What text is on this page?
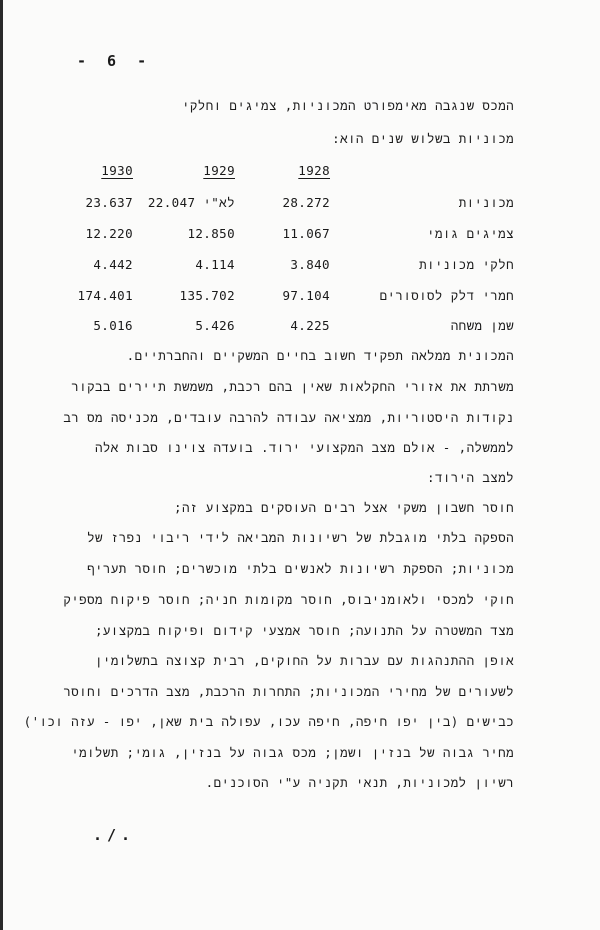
- 6 -
המכס שנגבה מאימפורט המכוניות, צמיגים וחלקי
מכוניות בשלוש שנים הוא:
1928
1929
1930
מכוניות
28.272
22.047 לא"י
23.637
צמיגים גומי
11.067
12.850
12.220
חלקי מכוניות
3.840
4.114
4.442
חמרי דלק לסוסורים
97.104
135.702
174.401
שמן משחה
4.225
5.426
5.016
המכונית ממלאה תפקיד חשוב בחיים המשקיים והחברתיים.
משרתת את אזורי החקלאות שאין בהם רכבת, משמשת תיירים בבקור
נקודות היסטוריות, ממציאה עבודה להרבה עובדים, מכניסה מס רב
לממשלה, - אולם מצב המקצועי ירוד. בועדה צוינו סבות אלה
למצב הירוד:
חוסר חשבון משקי אצל רבים העוסקים במקצוע זה;
הספקה בלתי מוגבלת של רשיונות המביאה לידי ריבוי נפרז של
מכוניות; הספקת רשיונות לאנשים בלתי מוכשרים; חוסר תעריף
חוקי למכסי ולאומניבוס, חוסר מקומות חניה; חוסר פיקוח מספיק
מצד המשטרה על התנועה; חוסר אמצעי קידום ופיקוח במקצוע;
אופן ההתנהגות עם עברות על החוקים, רבית קצוצה בתשלומין
לשעורים של מחירי המכוניות; התחרות הרכבת, מצב הדרכים וחוסר
כבישים (בין יפו חיפה, חיפה עכו, עפולה בית שאן, יפו - עזה וכו')
מחיר גבוה של בנזין ושמן; מכס גבוה על בנזין, גומי; תשלומי
רשיון למכוניות, תנאי תקניה ע"י הסוכנים.
./.
